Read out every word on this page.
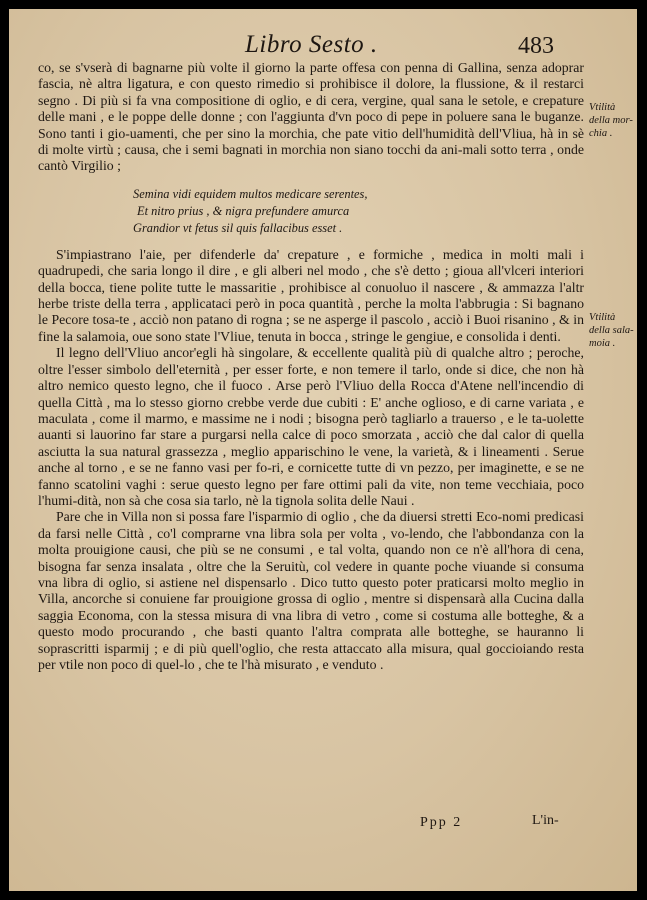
Libro Sesto .	483

co, se s'vserà di bagnarne più volte il giorno la parte offesa con penna di Gallina, senza adoprar fascia, nè altra ligatura, e con questo rimedio si prohibisce il dolore, la flussione, & il restarci segno . Di più si fa vna compositione di oglio, e di cera, vergine, qual sana le setole, e crepature delle mani , e le poppe delle donne ; con l'aggiunta d'vn poco di pepe in poluere sana le buganze. Sono tanti i gio-uamenti, che per sino la morchia, che pate vitio dell'humidità dell'Vliua, hà in sè di molte virtù ; causa, che i semi bagnati in morchia non siano tocchi da ani-mali sotto terra , onde cantò Virgilio ;

Semina vidi equidem multos medicare serentes,
Et nitro prius , & nigra prefundere amurca
Grandior vt fetus sil quis fallacibus esset .

S'impiastrano l'aie, per difenderle da' crepature , e formiche , medica in molti mali i quadrupedi, che saria longo il dire , e gli alberi nel modo , che s'è detto ; gioua all'vlceri interiori della bocca, tiene polite tutte le massaritie , prohibisce al conuoluo il nascere , & ammazza l'altr herbe triste della terra , applicataci però in poca quantità , perche la molta l'abbrugia : Si bagnano le Pecore tosa-te , acciò non patano di rogna ; se ne asperge il pascolo , acciò i Buoi risanino , & in fine la salamoia, oue sono state l'Vliue, tenuta in bocca , stringe le gengiue, e consolida i denti.

Il legno dell'Vliuo ancor'egli hà singolare, & eccellente qualità più di qualche altro ; peroche, oltre l'esser simbolo dell'eternità , per esser forte, e non temere il tarlo, onde si dice, che non hà altro nemico questo legno, che il fuoco . Arse però l'Vliuo della Rocca d'Atene nell'incendio di quella Città , ma lo stesso giorno crebbe verde due cubiti : E' anche oglioso, e di carne variata , e maculata , come il marmo, e massime ne i nodi ; bisogna però tagliarlo a trauerso , e le ta-uolette auanti si lauorino far stare a purgarsi nella calce di poco smorzata , acciò che dal calor di quella asciutta la sua natural grassezza , meglio apparischino le vene, la varietà, & i lineamenti . Serue anche al torno , e se ne fanno vasi per fo-ri, e cornicette tutte di vn pezzo, per imaginette, e se ne fanno scatolini vaghi : serue questo legno per fare ottimi pali da vite, non teme vecchiaia, poco l'humi-dità, non sà che cosa sia tarlo, nè la tignola solita delle Naui .

Pare che in Villa non si possa fare l'isparmio di oglio , che da diuersi stretti Eco-nomi predicasi da farsi nelle Città , co'l comprarne vna libra sola per volta , vo-lendo, che l'abbondanza con la molta prouigione causi, che più se ne consumi , e tal volta, quando non ce n'è all'hora di cena, bisogna far senza insalata , oltre che la Seruitù, col vedere in quante poche viuande si consuma vna libra di oglio, si astiene nel dispensarlo . Dico tutto questo poter praticarsi molto meglio in Villa, ancorche si conuiene far prouigione grossa di oglio , mentre si dispensarà alla Cucina dalla saggia Economa, con la stessa misura di vna libra di vetro , come si costuma alle botteghe, & a questo modo procurando , che basti quanto l'altra comprata alle botteghe, se hauranno li soprascritti isparmij ; e di più quell'oglio, che resta attaccato alla misura, qual goccioiando resta per vtile non poco di quel-lo , che te l'hà misurato , e venduto .

Vtilità
della mor-
chia .
Vtilità
della sala-
moia .
Ppp 2	L'in-
